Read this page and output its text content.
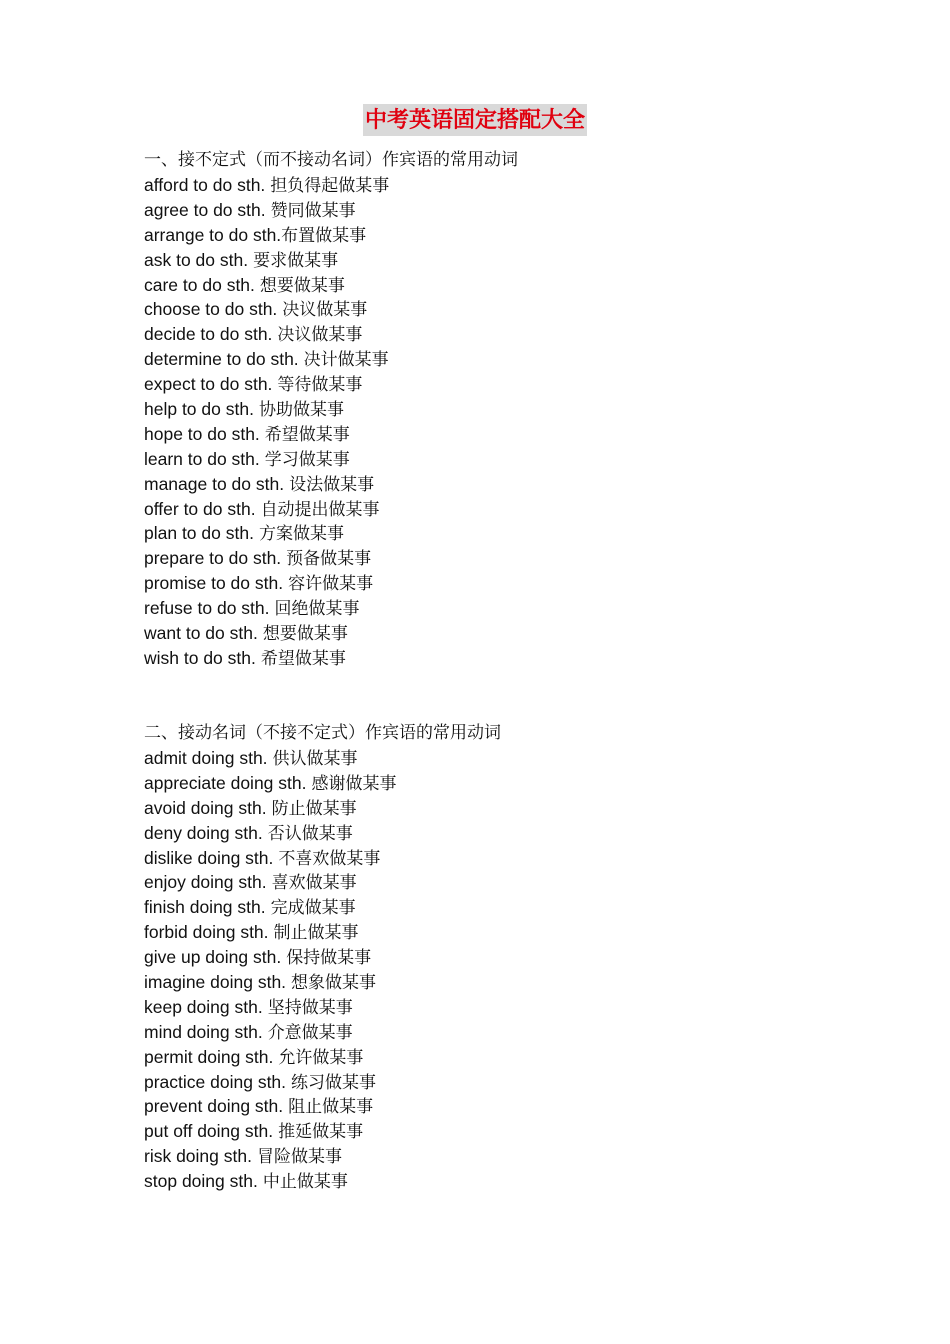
中考英语固定搭配大全
一、接不定式（而不接动名词）作宾语的常用动词
afford to do sth. 担负得起做某事
agree to do sth. 赞同做某事
arrange to do sth.布置做某事
ask to do sth. 要求做某事
care to do sth. 想要做某事
choose to do sth. 决议做某事
decide to do sth. 决议做某事
determine to do sth. 决计做某事
expect to do sth. 等待做某事
help to do sth. 协助做某事
hope to do sth. 希望做某事
learn to do sth. 学习做某事
manage to do sth. 设法做某事
offer to do sth. 自动提出做某事
plan to do sth. 方案做某事
prepare to do sth. 预备做某事
promise to do sth. 容许做某事
refuse to do sth. 回绝做某事
want to do sth. 想要做某事
wish to do sth. 希望做某事
二、接动名词（不接不定式）作宾语的常用动词
admit doing sth. 供认做某事
appreciate doing sth. 感谢做某事
avoid doing sth. 防止做某事
deny doing sth. 否认做某事
dislike doing sth. 不喜欢做某事
enjoy doing sth. 喜欢做某事
finish doing sth. 完成做某事
forbid doing sth. 制止做某事
give up doing sth. 保持做某事
imagine doing sth. 想象做某事
keep doing sth. 坚持做某事
mind doing sth. 介意做某事
permit doing sth. 允许做某事
practice doing sth. 练习做某事
prevent doing sth. 阻止做某事
put off doing sth. 推延做某事
risk doing sth. 冒险做某事
stop doing sth. 中止做某事
